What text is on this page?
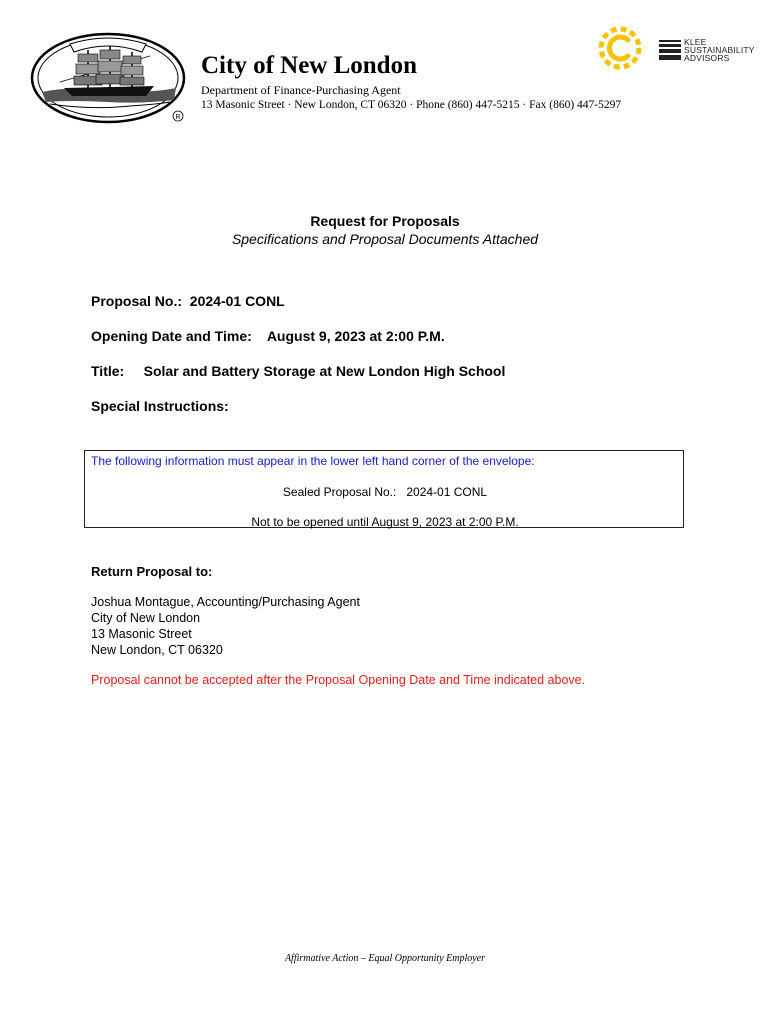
R
City of New London
Department of Finance-Purchasing Agent
13 Masonic Street · New London, CT 06320 · Phone (860) 447-5215 · Fax (860) 447-5297
KLEE
SUSTAINABILITY
ADVISORS
Request for Proposals
Specifications and Proposal Documents Attached
Proposal No.: 2024-01 CONL
Opening Date and Time: August 9, 2023 at 2:00 P.M.
Title: Solar and Battery Storage at New London High School
Special Instructions:
The following information must appear in the lower left hand corner of the envelope:
Sealed Proposal No.: 2024-01 CONL
Not to be opened until August 9, 2023 at 2:00 P.M.
Return Proposal to:
Joshua Montague, Accounting/Purchasing Agent
City of New London
13 Masonic Street
New London, CT 06320
Proposal cannot be accepted after the Proposal Opening Date and Time indicated above.
Affirmative Action – Equal Opportunity Employer
